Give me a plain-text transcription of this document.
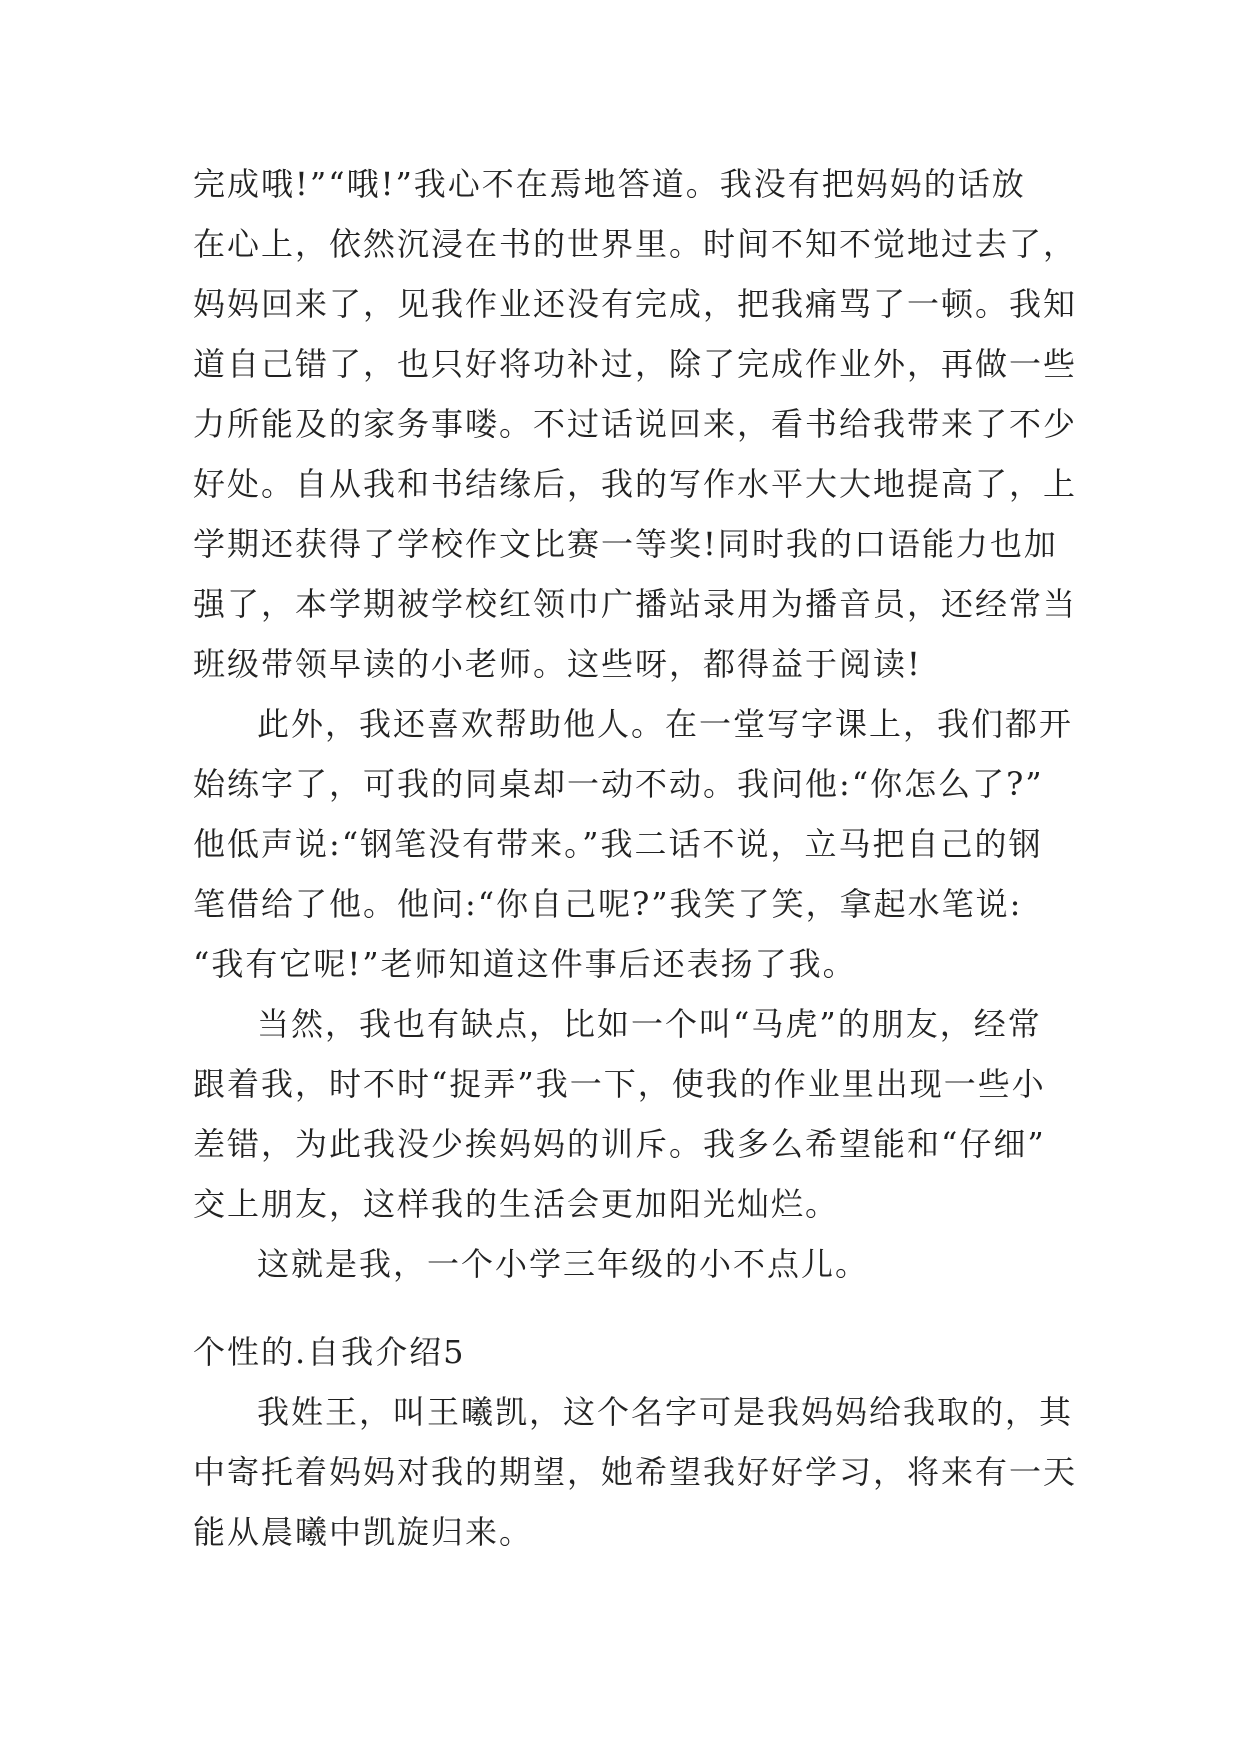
完成哦!”“哦!”我心不在焉地答道。我没有把妈妈的话放
在心上，依然沉浸在书的世界里。时间不知不觉地过去了，
妈妈回来了，见我作业还没有完成，把我痛骂了一顿。我知
道自己错了，也只好将功补过，除了完成作业外，再做一些
力所能及的家务事喽。不过话说回来，看书给我带来了不少
好处。自从我和书结缘后，我的写作水平大大地提高了，上
学期还获得了学校作文比赛一等奖!同时我的口语能力也加
强了，本学期被学校红领巾广播站录用为播音员，还经常当
班级带领早读的小老师。这些呀，都得益于阅读!
此外，我还喜欢帮助他人。在一堂写字课上，我们都开
始练字了，可我的同桌却一动不动。我问他:“你怎么了?”
他低声说:“钢笔没有带来。”我二话不说，立马把自己的钢
笔借给了他。他问:“你自己呢?”我笑了笑，拿起水笔说:
“我有它呢!”老师知道这件事后还表扬了我。
当然，我也有缺点，比如一个叫“马虎”的朋友，经常
跟着我，时不时“捉弄”我一下，使我的作业里出现一些小
差错，为此我没少挨妈妈的训斥。我多么希望能和“仔细”
交上朋友，这样我的生活会更加阳光灿烂。
这就是我，一个小学三年级的小不点儿。
个性的.自我介绍5
我姓王，叫王曦凯，这个名字可是我妈妈给我取的，其
中寄托着妈妈对我的期望，她希望我好好学习，将来有一天
能从晨曦中凯旋归来。
